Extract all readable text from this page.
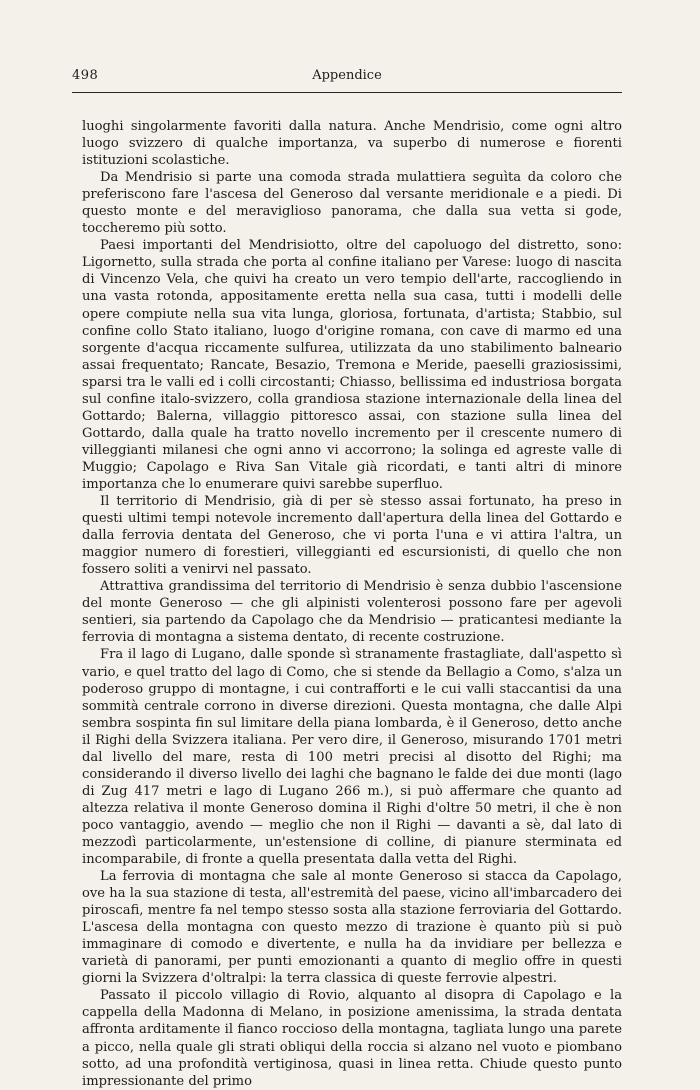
498	Appendice

luoghi singolarmente favoriti dalla natura. Anche Mendrisio, come ogni altro luogo svizzero di qualche importanza, va superbo di numerose e fiorenti istituzioni scolastiche.

Da Mendrisio si parte una comoda strada mulattiera seguìta da coloro che preferiscono fare l'ascesa del Generoso dal versante meridionale e a piedi. Di questo monte e del meraviglioso panorama, che dalla sua vetta si gode, toccheremo più sotto.

Paesi importanti del Mendrisiotto, oltre del capoluogo del distretto, sono: Ligornetto, sulla strada che porta al confine italiano per Varese: luogo di nascita di Vincenzo Vela, che quivi ha creato un vero tempio dell'arte, raccogliendo in una vasta rotonda, appositamente eretta nella sua casa, tutti i modelli delle opere compiute nella sua vita lunga, gloriosa, fortunata, d'artista; Stabbio, sul confine collo Stato italiano, luogo d'origine romana, con cave di marmo ed una sorgente d'acqua riccamente sulfurea, utilizzata da uno stabilimento balneario assai frequentato; Rancate, Besazio, Tremona e Meride, paeselli graziosissimi, sparsi tra le valli ed i colli circostanti; Chiasso, bellissima ed industriosa borgata sul confine italo-svizzero, colla grandiosa stazione internazionale della linea del Gottardo; Balerna, villaggio pittoresco assai, con stazione sulla linea del Gottardo, dalla quale ha tratto novello incremento per il crescente numero di villeggianti milanesi che ogni anno vi accorrono; la solinga ed agreste valle di Muggio; Capolago e Riva San Vitale già ricordati, e tanti altri di minore importanza che lo enumerare quivi sarebbe superfluo.

Il territorio di Mendrisio, già di per sè stesso assai fortunato, ha preso in questi ultimi tempi notevole incremento dall'apertura della linea del Gottardo e dalla ferrovia dentata del Generoso, che vi porta l'una e vi attira l'altra, un maggior numero di forestieri, villeggianti ed escursionisti, di quello che non fossero soliti a venirvi nel passato.

Attrattiva grandissima del territorio di Mendrisio è senza dubbio l'ascensione del monte Generoso — che gli alpinisti volenterosi possono fare per agevoli sentieri, sia partendo da Capolago che da Mendrisio — praticantesi mediante la ferrovia di montagna a sistema dentato, di recente costruzione.

Fra il lago di Lugano, dalle sponde sì stranamente frastagliate, dall'aspetto sì vario, e quel tratto del lago di Como, che si stende da Bellagio a Como, s'alza un poderoso gruppo di montagne, i cui contrafforti e le cui valli staccantisi da una sommità centrale corrono in diverse direzioni. Questa montagna, che dalle Alpi sembra sospinta fin sul limitare della piana lombarda, è il Generoso, detto anche il Righi della Svizzera italiana. Per vero dire, il Generoso, misurando 1701 metri dal livello del mare, resta di 100 metri precisi al disotto del Righi; ma considerando il diverso livello dei laghi che bagnano le falde dei due monti (lago di Zug 417 metri e lago di Lugano 266 m.), si può affermare che quanto ad altezza relativa il monte Generoso domina il Righi d'oltre 50 metri, il che è non poco vantaggio, avendo — meglio che non il Righi — davanti a sè, dal lato di mezzodì particolarmente, un'estensione di colline, di pianure sterminata ed incomparabile, di fronte a quella presentata dalla vetta del Righi.

La ferrovia di montagna che sale al monte Generoso si stacca da Capolago, ove ha la sua stazione di testa, all'estremità del paese, vicino all'imbarcadero dei piroscafi, mentre fa nel tempo stesso sosta alla stazione ferroviaria del Gottardo. L'ascesa della montagna con questo mezzo di trazione è quanto più si può immaginare di comodo e divertente, e nulla ha da invidiare per bellezza e varietà di panorami, per punti emozionanti a quanto di meglio offre in questi giorni la Svizzera d'oltralpi: la terra classica di queste ferrovie alpestri.

Passato il piccolo villagio di Rovio, alquanto al disopra di Capolago e la cappella della Madonna di Melano, in posizione amenissima, la strada dentata affronta arditamente il fianco roccioso della montagna, tagliata lungo una parete a picco, nella quale gli strati obliqui della roccia si alzano nel vuoto e piombano sotto, ad una profondità vertiginosa, quasi in linea retta. Chiude questo punto impressionante del primo
